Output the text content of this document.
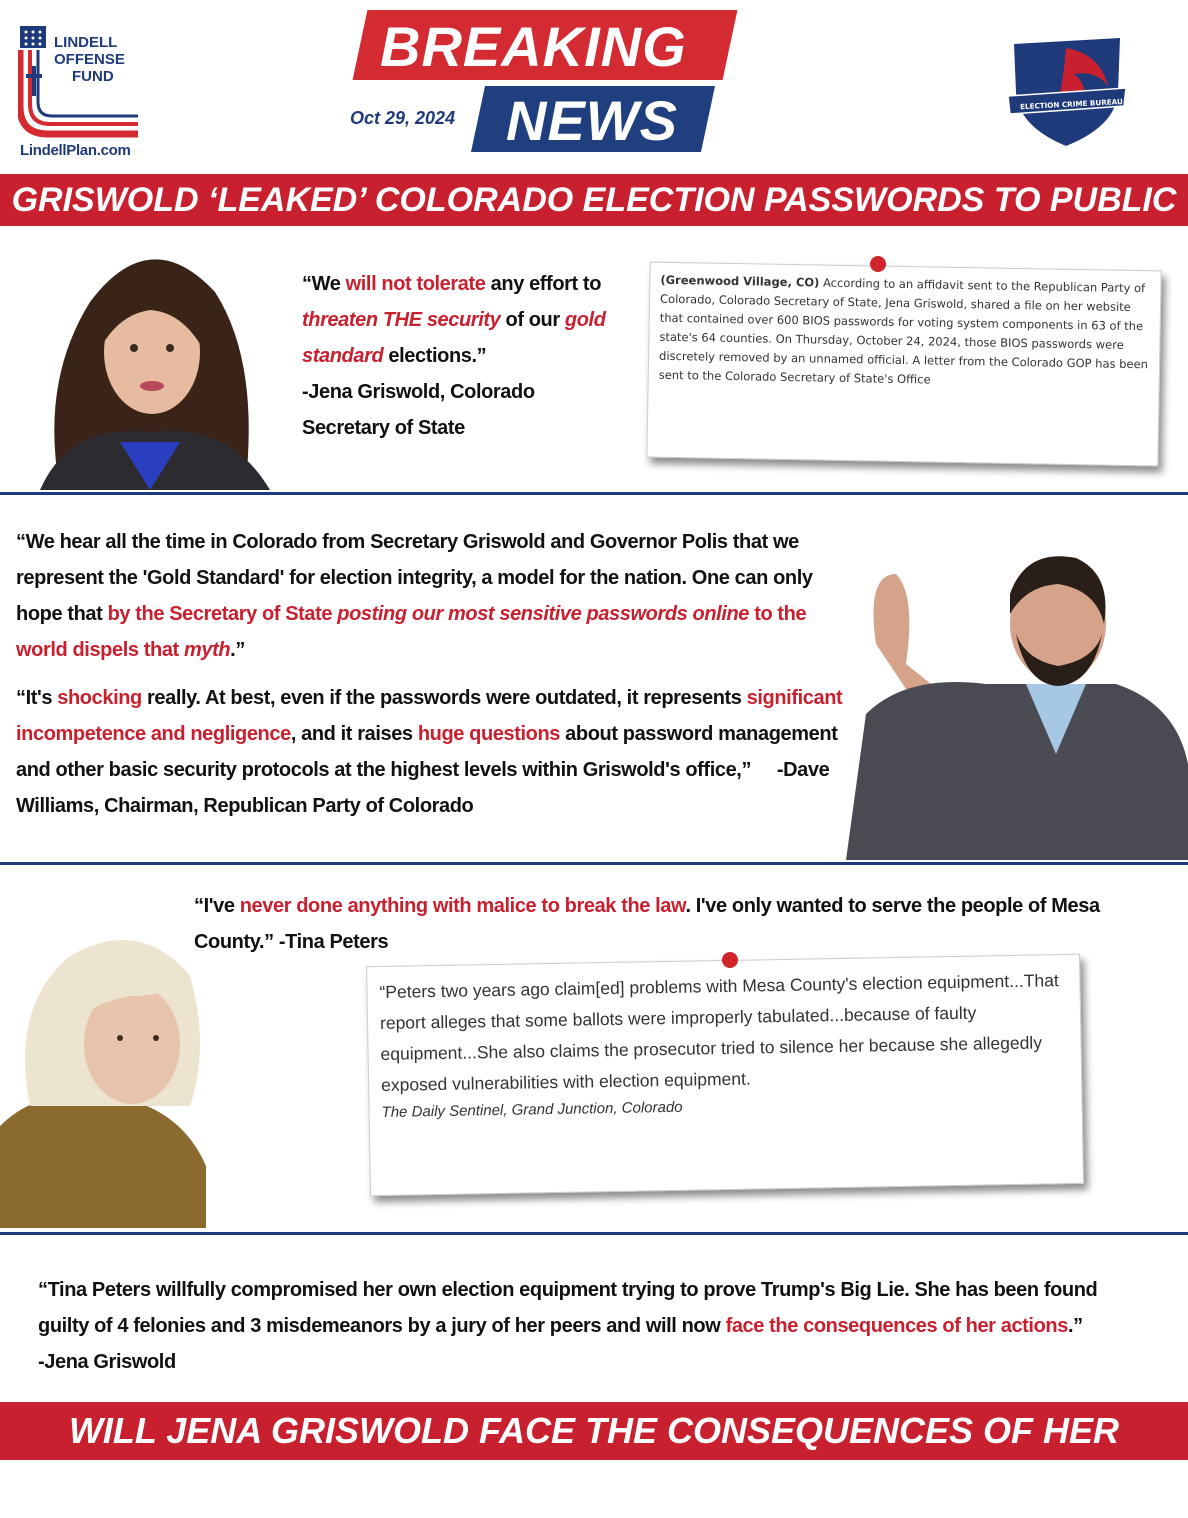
LINDELL
OFFENSE
FUND
LindellPlan.com
BREAKING
NEWS
Oct 29, 2024
ELECTION CRIME BUREAU
GRISWOLD ‘LEAKED’ COLORADO ELECTION PASSWORDS TO PUBLIC
“We will not tolerate any effort to threaten THE security of our gold standard elections.”
-Jena Griswold, Colorado
Secretary of State
(Greenwood Village, CO) According to an affidavit sent to the Republican Party of Colorado, Colorado Secretary of State, Jena Griswold, shared a file on her website that contained over 600 BIOS passwords for voting system components in 63 of the state's 64 counties. On Thursday, October 24, 2024, those BIOS passwords were discretely removed by an unnamed official. A letter from the Colorado GOP has been sent to the Colorado Secretary of State's Office
“We hear all the time in Colorado from Secretary Griswold and Governor Polis that we represent the 'Gold Standard' for election integrity, a model for the nation. One can only hope that by the Secretary of State posting our most sensitive passwords online to the world dispels that myth.”
“It's shocking really. At best, even if the passwords were outdated, it represents significant incompetence and negligence, and it raises huge questions about password management and other basic security protocols at the highest levels within Griswold's office,” -Dave Williams, Chairman, Republican Party of Colorado
“I've never done anything with malice to break the law. I've only wanted to serve the people of Mesa County.” -Tina Peters
“Peters two years ago claim[ed] problems with Mesa County's election equipment...That report alleges that some ballots were improperly tabulated...because of faulty equipment...She also claims the prosecutor tried to silence her because she allegedly exposed vulnerabilities with election equipment.
The Daily Sentinel, Grand Junction, Colorado
“Tina Peters willfully compromised her own election equipment trying to prove Trump's Big Lie. She has been found guilty of 4 felonies and 3 misdemeanors by a jury of her peers and will now face the consequences of her actions.”
-Jena Griswold
WILL JENA GRISWOLD FACE THE CONSEQUENCES OF HER ACTIONS?
